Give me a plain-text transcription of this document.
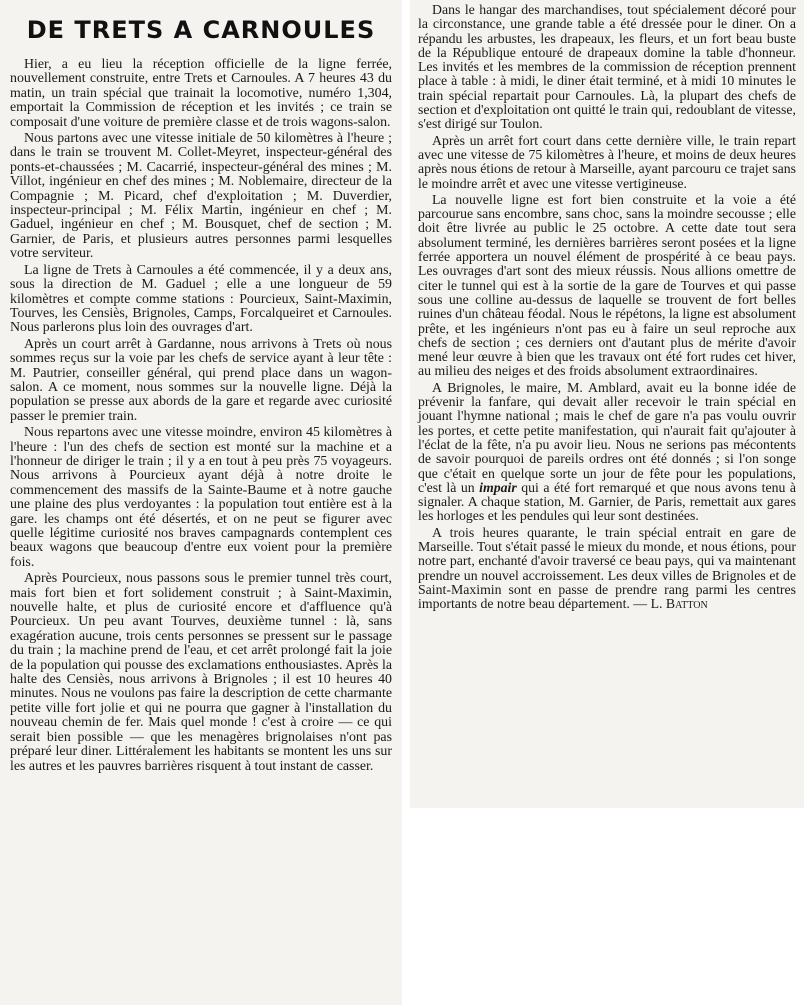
DE TRETS A CARNOULES

Hier, a eu lieu la réception officielle de la ligne ferrée, nouvellement construite, entre Trets et Carnoules. A 7 heures 43 du matin, un train spécial que trainait la locomotive, numéro 1,304, emportait la Commission de réception et les invités ; ce train se composait d'une voiture de première classe et de trois wagons-salon.

Nous partons avec une vitesse initiale de 50 kilomètres à l'heure ; dans le train se trouvent M. Collet-Meyret, inspecteur-général des ponts-et-chaussées ; M. Cacarrié, inspecteur-général des mines ; M. Villot, ingénieur en chef des mines ; M. Noblemaire, directeur de la Compagnie ; M. Picard, chef d'exploitation ; M. Duverdier, inspecteur-principal ; M. Félix Martin, ingénieur en chef ; M. Gaduel, ingénieur en chef ; M. Bousquet, chef de section ; M. Garnier, de Paris, et plusieurs autres personnes parmi lesquelles votre serviteur.

La ligne de Trets à Carnoules a été commencée, il y a deux ans, sous la direction de M. Gaduel ; elle a une longueur de 59 kilomètres et compte comme stations : Pourcieux, Saint-Maximin, Tourves, les Censiès, Brignoles, Camps, Forcalqueiret et Carnoules. Nous parlerons plus loin des ouvrages d'art.

Après un court arrêt à Gardanne, nous arrivons à Trets où nous sommes reçus sur la voie par les chefs de service ayant à leur tête : M. Pautrier, conseiller général, qui prend place dans un wagon-salon. A ce moment, nous sommes sur la nouvelle ligne. Déjà la population se presse aux abords de la gare et regarde avec curiosité passer le premier train.

Nous repartons avec une vitesse moindre, environ 45 kilomètres à l'heure : l'un des chefs de section est monté sur la machine et a l'honneur de diriger le train ; il y a en tout à peu près 75 voyageurs. Nous arrivons à Pourcieux ayant déjà à notre droite le commencement des massifs de la Sainte-Baume et à notre gauche une plaine des plus verdoyantes : la population tout entière est à la gare. les champs ont été désertés, et on ne peut se figurer avec quelle légitime curiosité nos braves campagnards contemplent ces beaux wagons que beaucoup d'entre eux voient pour la première fois.

Après Pourcieux, nous passons sous le premier tunnel très court, mais fort bien et fort solidement construit ; à Saint-Maximin, nouvelle halte, et plus de curiosité encore et d'affluence qu'à Pourcieux. Un peu avant Tourves, deuxième tunnel : là, sans exagération aucune, trois cents personnes se pressent sur le passage du train ; la machine prend de l'eau, et cet arrêt prolongé fait la joie de la population qui pousse des exclamations enthousiastes. Après la halte des Censiès, nous arrivons à Brignoles ; il est 10 heures 40 minutes. Nous ne voulons pas faire la description de cette charmante petite ville fort jolie et qui ne pourra que gagner à l'installation du nouveau chemin de fer. Mais quel monde ! c'est à croire — ce qui serait bien possible — que les menagères brignolaises n'ont pas préparé leur diner. Littéralement les habitants se montent les uns sur les autres et les pauvres barrières risquent à tout instant de casser.

Dans le hangar des marchandises, tout spécialement décoré pour la circonstance, une grande table a été dressée pour le diner. On a répandu les arbustes, les drapeaux, les fleurs, et un fort beau buste de la République entouré de drapeaux domine la table d'honneur. Les invités et les membres de la commission de réception prennent place à table : à midi, le diner était terminé, et à midi 10 minutes le train spécial repartait pour Carnoules. Là, la plupart des chefs de section et d'exploitation ont quitté le train qui, redoublant de vitesse, s'est dirigé sur Toulon.

Après un arrêt fort court dans cette dernière ville, le train repart avec une vitesse de 75 kilomètres à l'heure, et moins de deux heures après nous étions de retour à Marseille, ayant parcouru ce trajet sans le moindre arrêt et avec une vitesse vertigineuse.

La nouvelle ligne est fort bien construite et la voie a été parcourue sans encombre, sans choc, sans la moindre secousse ; elle doit être livrée au public le 25 octobre. A cette date tout sera absolument terminé, les dernières barrières seront posées et la ligne ferrée apportera un nouvel élément de prospérité à ce beau pays. Les ouvrages d'art sont des mieux réussis. Nous allions omettre de citer le tunnel qui est à la sortie de la gare de Tourves et qui passe sous une colline au-dessus de laquelle se trouvent de fort belles ruines d'un château féodal. Nous le répétons, la ligne est absolument prête, et les ingénieurs n'ont pas eu à faire un seul reproche aux chefs de section ; ces derniers ont d'autant plus de mérite d'avoir mené leur œuvre à bien que les travaux ont été fort rudes cet hiver, au milieu des neiges et des froids absolument extraordinaires.

A Brignoles, le maire, M. Amblard, avait eu la bonne idée de prévenir la fanfare, qui devait aller recevoir le train spécial en jouant l'hymne national ; mais le chef de gare n'a pas voulu ouvrir les portes, et cette petite manifestation, qui n'aurait fait qu'ajouter à l'éclat de la fête, n'a pu avoir lieu. Nous ne serions pas mécontents de savoir pourquoi de pareils ordres ont été donnés ; si l'on songe que c'était en quelque sorte un jour de fête pour les populations, c'est là un impair qui a été fort remarqué et que nous avons tenu à signaler. A chaque station, M. Garnier, de Paris, remettait aux gares les horloges et les pendules qui leur sont destinées.

A trois heures quarante, le train spécial entrait en gare de Marseille. Tout s'était passé le mieux du monde, et nous étions, pour notre part, enchanté d'avoir traversé ce beau pays, qui va maintenant prendre un nouvel accroissement. Les deux villes de Brignoles et de Saint-Maximin sont en passe de prendre rang parmi les centres importants de notre beau département. — L. Batton
